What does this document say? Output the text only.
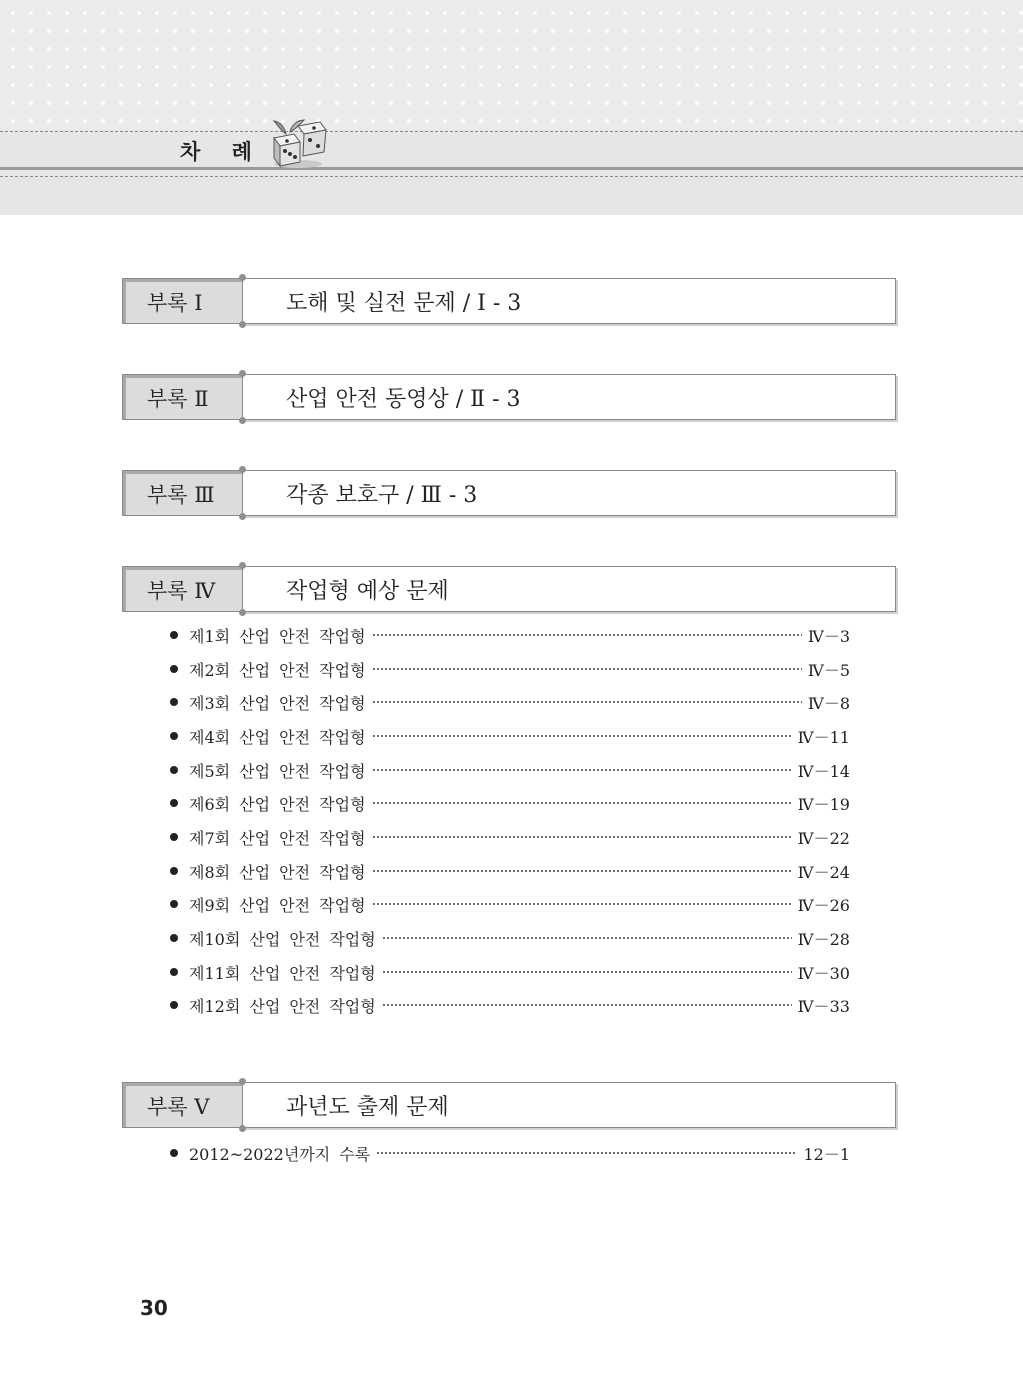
차 례
부록 Ⅰ	도해 및 실전 문제 / Ⅰ - 3
부록 Ⅱ	산업 안전 동영상 / Ⅱ - 3
부록 Ⅲ	각종 보호구 / Ⅲ - 3
부록 Ⅳ	작업형 예상 문제
제1회 산업 안전 작업형	Ⅳ－3
제2회 산업 안전 작업형	Ⅳ－5
제3회 산업 안전 작업형	Ⅳ－8
제4회 산업 안전 작업형	Ⅳ－11
제5회 산업 안전 작업형	Ⅳ－14
제6회 산업 안전 작업형	Ⅳ－19
제7회 산업 안전 작업형	Ⅳ－22
제8회 산업 안전 작업형	Ⅳ－24
제9회 산업 안전 작업형	Ⅳ－26
제10회 산업 안전 작업형	Ⅳ－28
제11회 산업 안전 작업형	Ⅳ－30
제12회 산업 안전 작업형	Ⅳ－33
부록 Ⅴ	과년도 출제 문제
2012~2022년까지 수록	12－1
30
